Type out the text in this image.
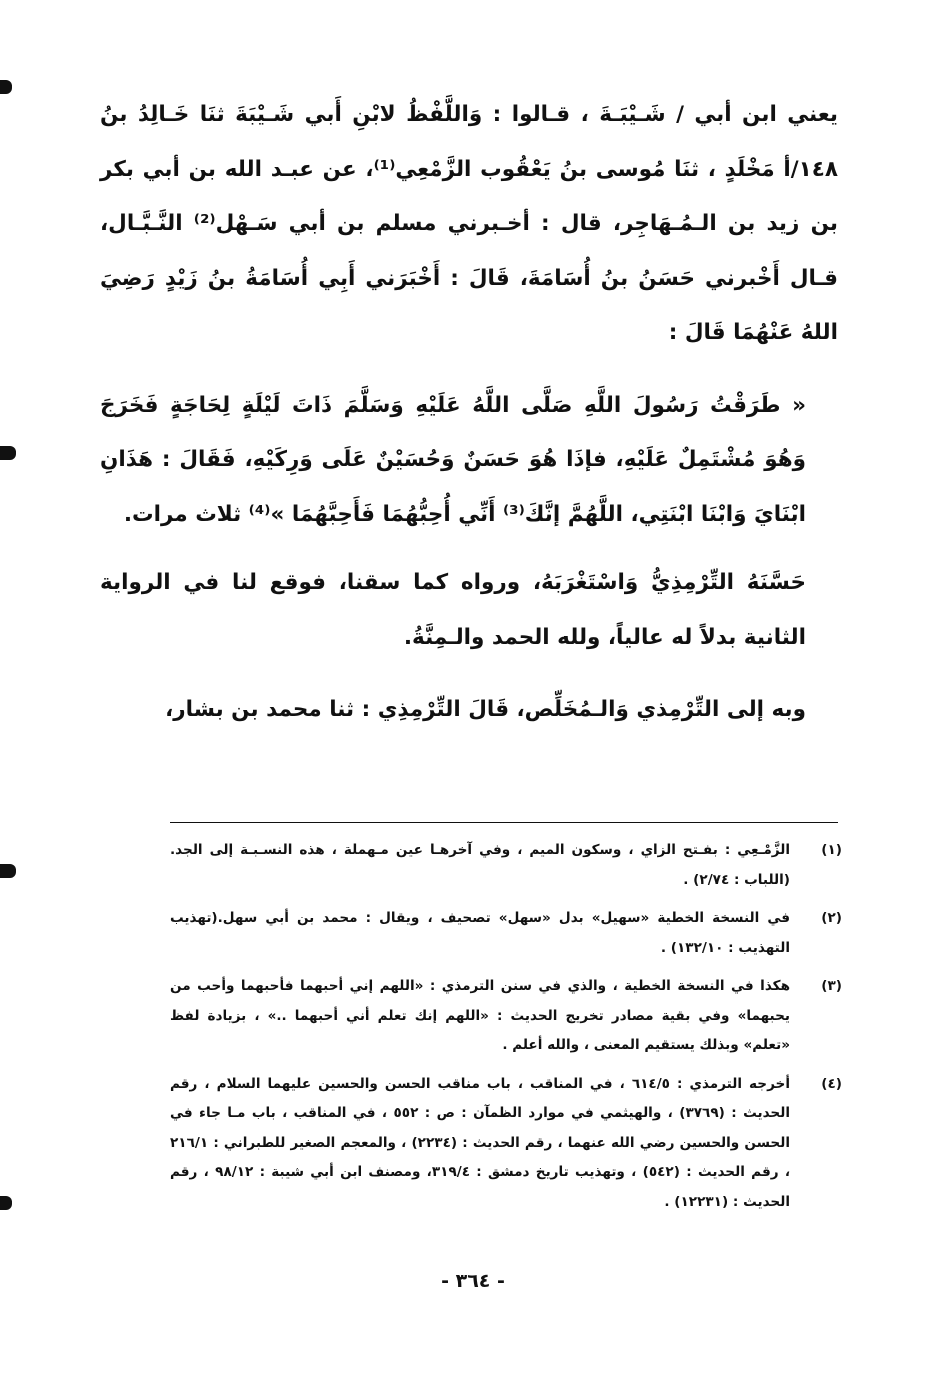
يعني ابن أبي / شَـيْبَـةَ ، قـالوا : وَاللَّفْظُ لابْنِ أَبي شَـيْبَةَ ثنَا خَـالِدُ بنُ ١٤٨/أ مَخْلَدٍ ، ثنَا مُوسى بنُ يَعْقُوب الزَّمْعِي⁽¹⁾، عن عبـد الله بن أبي بكر بن زيد بن الـمُـهَاجِر، قال : أخـبرني مسلم بن أبي سَـهْل⁽²⁾ النَّـبَّـال، قـال أَخْبرني حَسَنُ بنُ أُسَامَةَ، قَالَ : أَخْبَرَني أَبِي أُسَامَةُ بنُ زَيْدٍ رَضِيَ اللهُ عَنْهُمَا قَالَ :

« طَرَقْتُ رَسُولَ اللَّهِ صَلَّى اللَّهُ عَلَيْهِ وَسَلَّمَ ذَاتَ لَيْلَةٍ لِحَاجَةٍ فَخَرَجَ وَهُوَ مُشْتَمِلٌ عَلَيْهِ، فإذَا هُوَ حَسَنٌ وَحُسَيْنٌ عَلَى وَرِكَيْهِ، فَقَالَ : هَذَانِ ابْنَايَ وَابْنَا ابْنَتِي، اللَّهُمَّ إنَّكَ⁽³⁾ أَنِّي أُحِبُّهُمَا فَأَحِبَّهُمَا »⁽⁴⁾ ثلاث مرات.

حَسَّنَهُ التِّرْمِذِيُّ وَاسْتَغْرَبَهُ، ورواه كما سقنا، فوقع لنا في الرواية الثانية بدلاً له عالياً، ولله الحمد والـمِنَّةُ.

وبه إلى التِّرْمِذي وَالـمُخَلِّص، قَالَ التِّرْمِذِي : ثنا محمد بن بشار،

(١)
الزَّمْـعِي : بفـتح الزاي ، وسكون الميم ، وفي آخرهـا عين مـهملة ، هذه النسـبـة إلى الجد.(اللباب : ٢/٧٤) .
(٢)
في النسخة الخطية «سهيل» بدل «سهل» تصحيف ، ويقال : محمد بن أبي سهل.(تهذيب التهذيب : ١٣٢/١٠) .
(٣)
هكذا في النسخة الخطية ، والذي في سنن الترمذي : «اللهم إني أحبهما فأحبهما وأحب من يحبهما» وفي بقية مصادر تخريج الحديث : «اللهم إنك تعلم أني أحبهما ..» ، بزيادة لفظ «تعلم» وبذلك يستقيم المعنى ، والله أعلم .
(٤)
أخرجه الترمذي : ٦١٤/٥ ، في المناقب ، باب مناقب الحسن والحسين عليهما السلام ، رقم الحديث : (٣٧٦٩) ، والهيثمي في موارد الظمآن : ص : ٥٥٢ ، في المناقب ، باب مـا جاء في الحسن والحسين رضي الله عنهما ، رقم الحديث : (٢٢٣٤) ، والمعجم الصغير للطبراني : ٢١٦/١ ، رقم الحديث : (٥٤٢) ، وتهذيب تاريخ دمشق : ٣١٩/٤، ومصنف ابن أبي شيبة : ٩٨/١٢ ، رقم الحديث : (١٢٢٣١) .
- ٣٦٤ -
